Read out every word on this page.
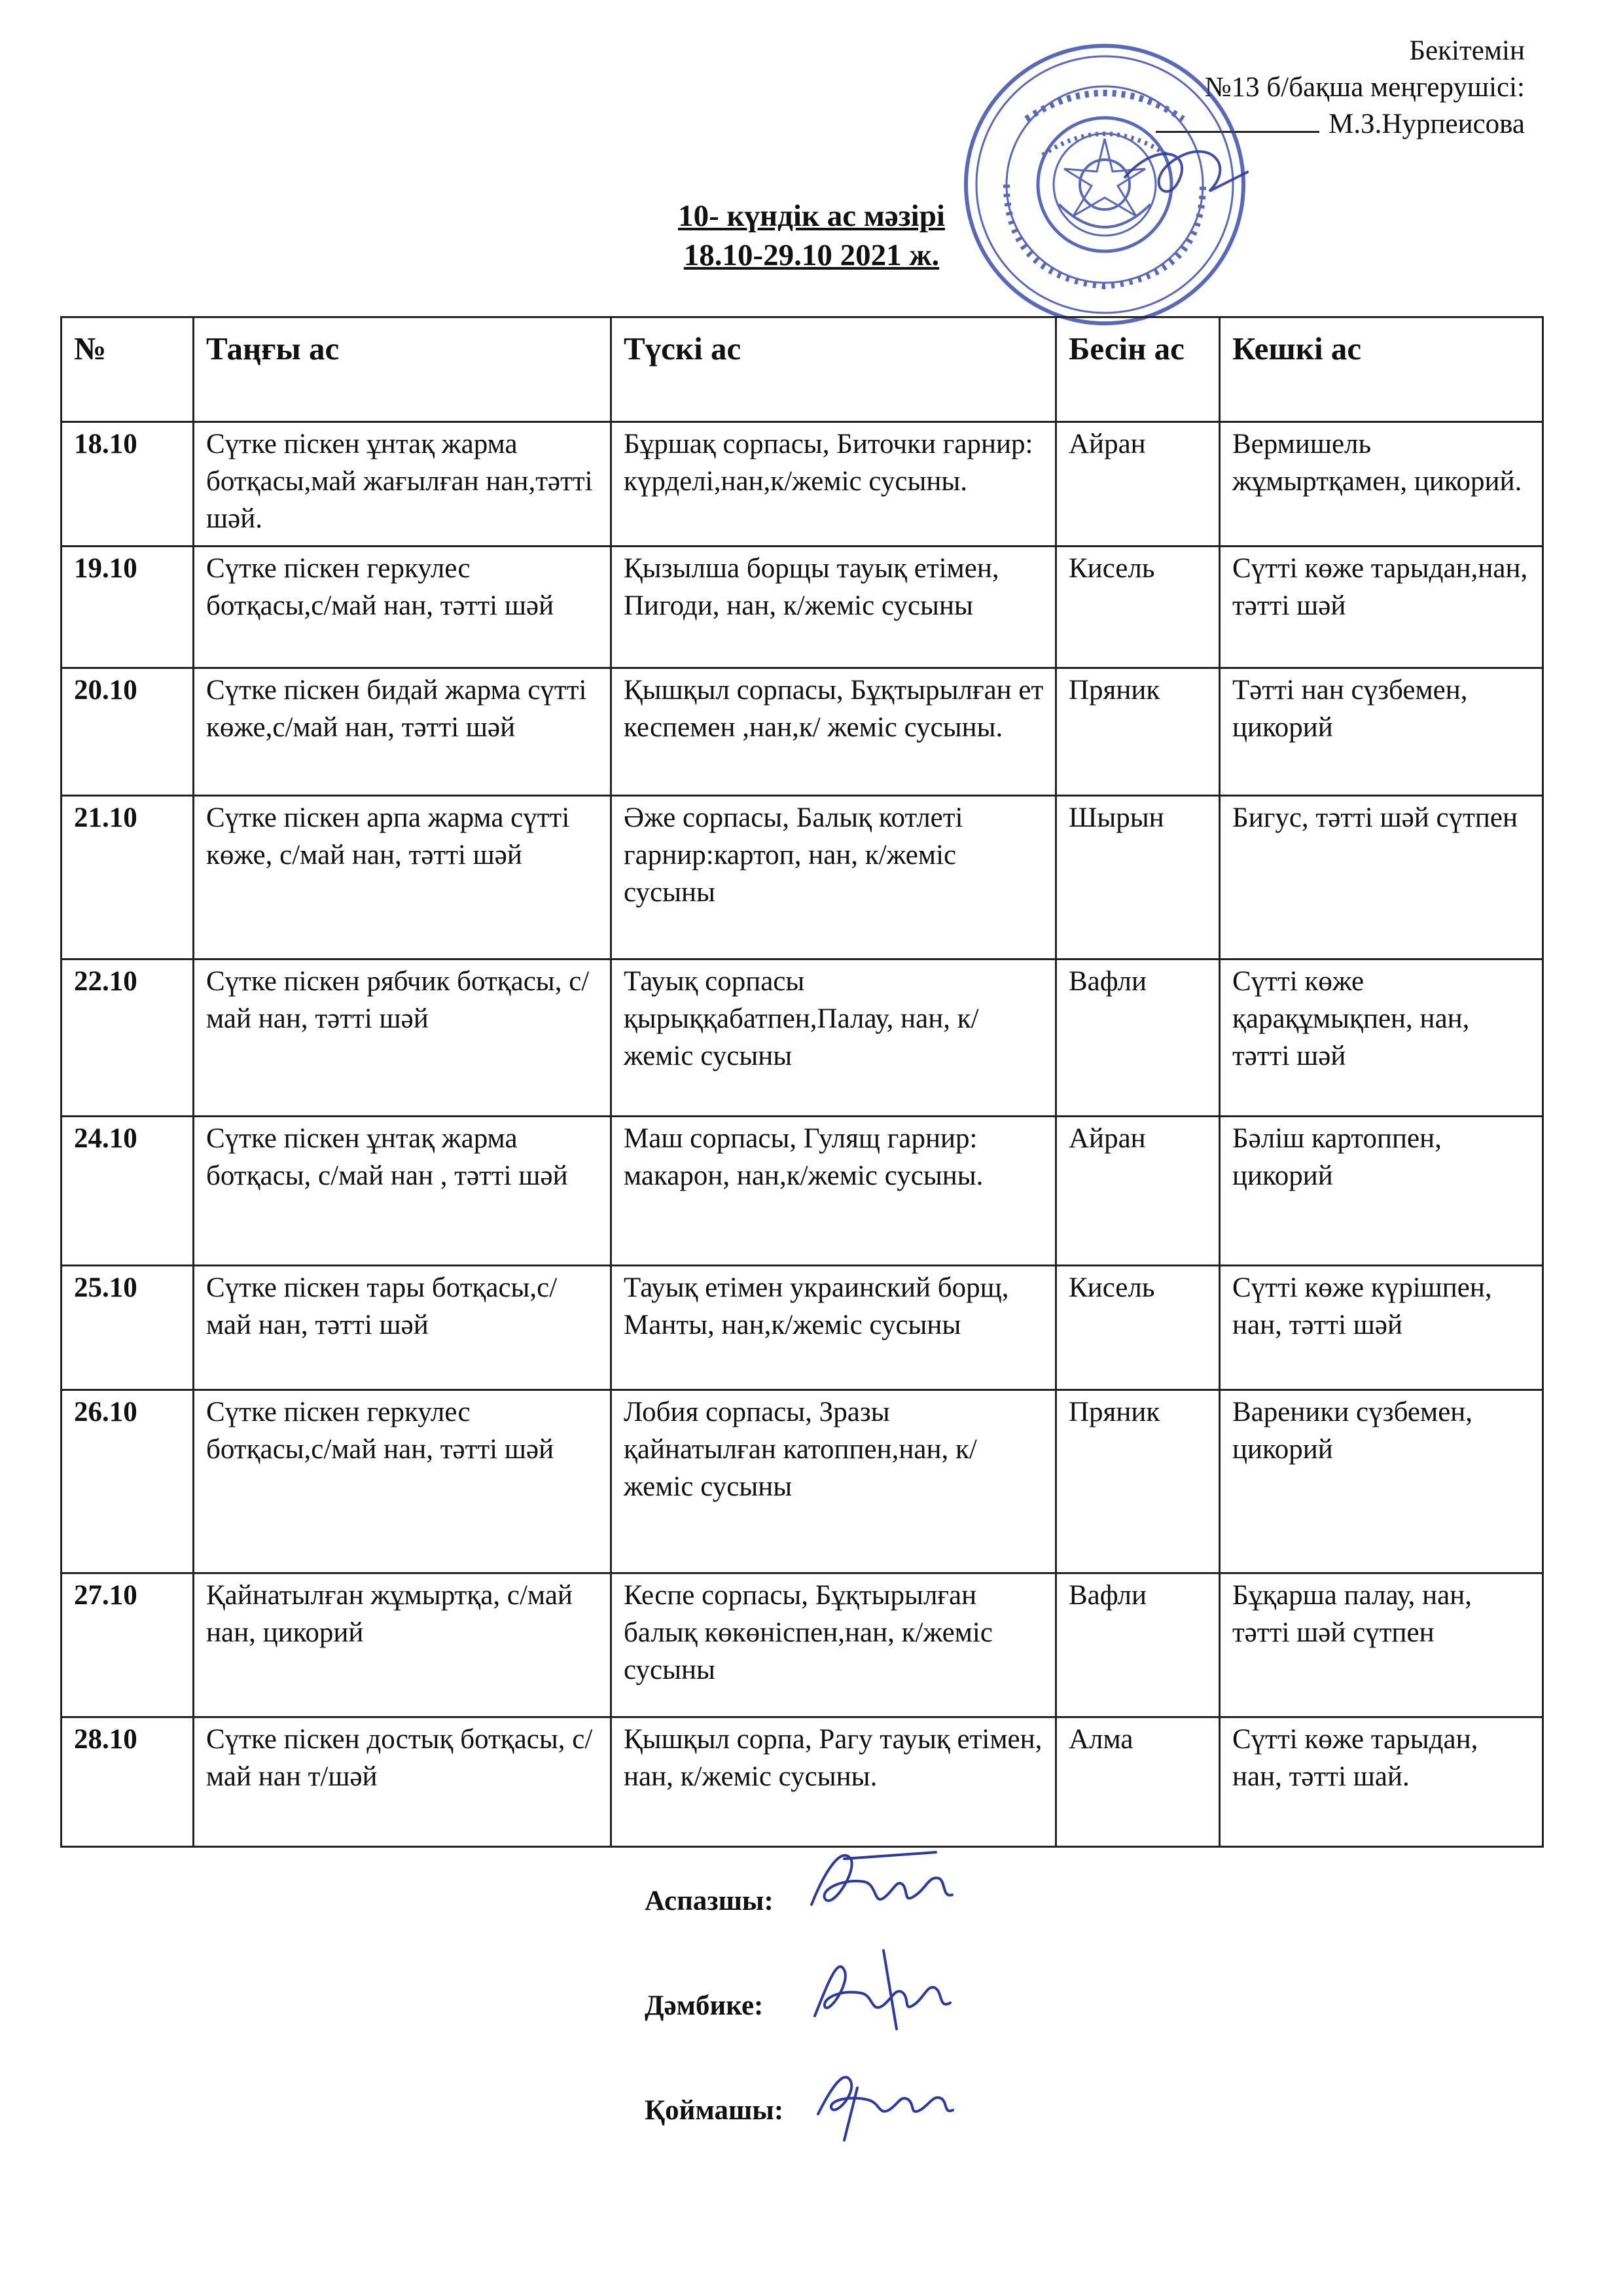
Бекітемін
№13 б/бақша меңгерушісі:
М.З.Нурпеисова
10- күндік ас мәзірі
18.10-29.10 2021 ж.
№	Таңғы ас	Түскі ас	Бесін ас	Кешкі ас
18.10	Сүтке піскен ұнтақ жарма ботқасы,май жағылған нан,тәтті шәй.	Бұршақ сорпасы, Биточки гарнир: күрделі,нан,к/жеміс сусыны.	Айран	Вермишель жұмыртқамен, цикорий.
19.10	Сүтке піскен геркулес ботқасы,с/май нан, тәтті шәй	Қызылша борщы тауық етімен, Пигоди, нан, к/жеміс сусыны	Кисель	Сүтті көже тарыдан,нан, тәтті шәй
20.10	Сүтке піскен бидай жарма сүтті көже,с/май нан, тәтті шәй	Қышқыл сорпасы, Бұқтырылған ет кеспемен ,нан,к/ жеміс сусыны.	Пряник	Тәтті нан сүзбемен, цикорий
21.10	Сүтке піскен арпа жарма сүтті көже, с/май нан, тәтті шәй	Әже сорпасы, Балық котлеті гарнир:картоп, нан, к/жеміс сусыны	Шырын	Бигус, тәтті шәй сүтпен
22.10	Сүтке піскен рябчик ботқасы, с/май нан, тәтті шәй	Тауық сорпасы қырыққабатпен,Палау, нан, к/жеміс сусыны	Вафли	Сүтті көже қарақұмықпен, нан, тәтті шәй
24.10	Сүтке піскен ұнтақ жарма ботқасы, с/май нан , тәтті шәй	Маш сорпасы, Гулящ гарнир: макарон, нан,к/жеміс сусыны.	Айран	Бәліш картоппен, цикорий
25.10	Сүтке піскен тары ботқасы,с/май нан, тәтті шәй	Тауық етімен украинский борщ, Манты, нан,к/жеміс сусыны	Кисель	Сүтті көже күрішпен, нан, тәтті шәй
26.10	Сүтке піскен геркулес ботқасы,с/май нан, тәтті шәй	Лобия сорпасы, Зразы қайнатылған катоппен,нан, к/жеміс сусыны	Пряник	Вареники сүзбемен, цикорий
27.10	Қайнатылған жұмыртқа, с/май нан, цикорий	Кеспе сорпасы, Бұқтырылған балық көкөніспен,нан, к/жеміс сусыны	Вафли	Бұқарша палау, нан, тәтті шәй сүтпен
28.10	Сүтке піскен достық ботқасы, с/май нан т/шәй	Қышқыл сорпа, Рагу тауық етімен, нан, к/жеміс сусыны.	Алма	Сүтті көже тарыдан, нан, тәтті шай.
Аспазшы:
Дәмбике:
Қоймашы:
